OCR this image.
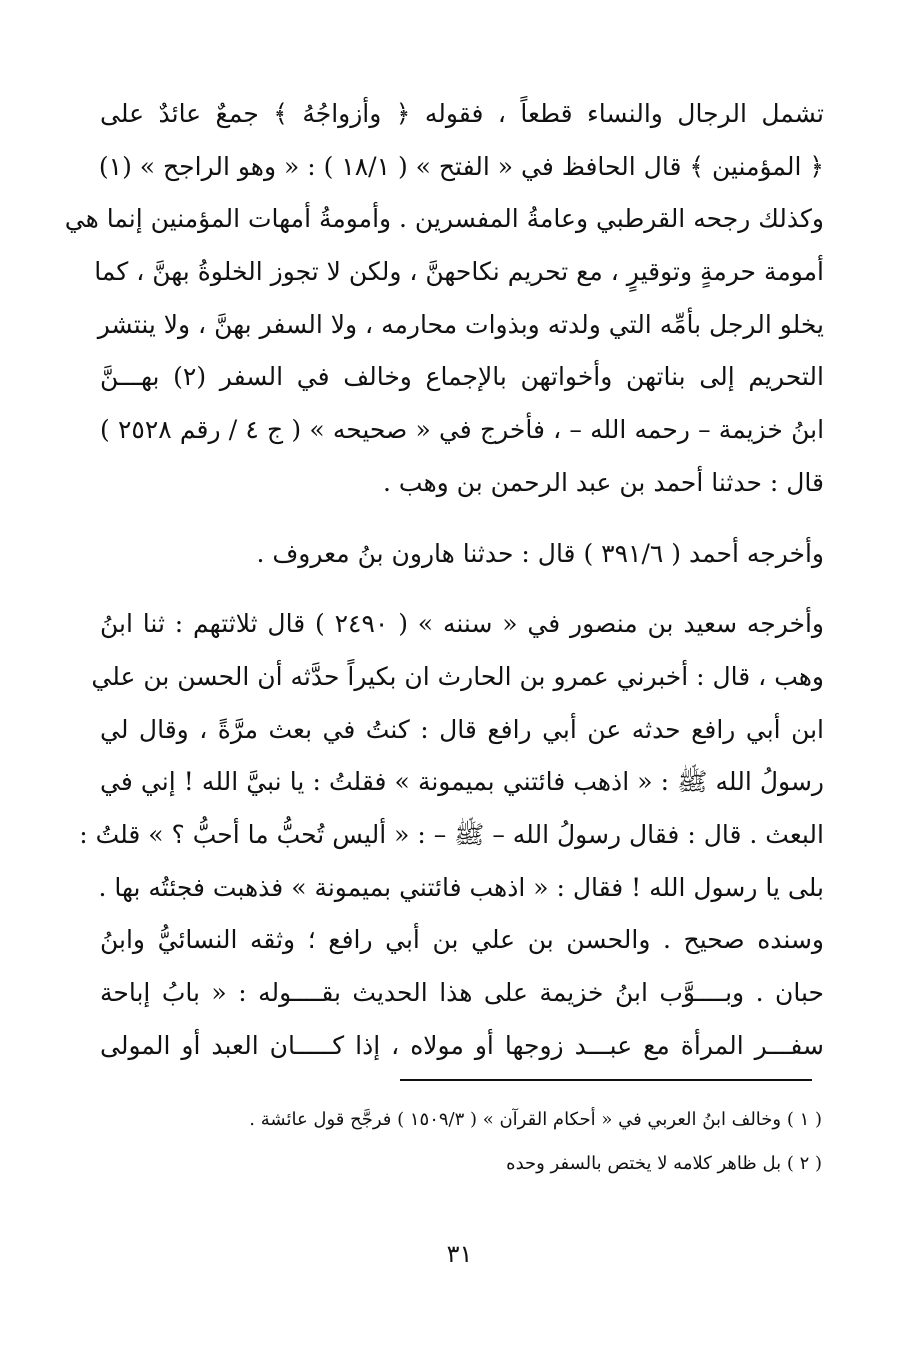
تشمل الرجال والنساء قطعاً ، فقوله ﴿ وأزواجُهُ ﴾ جمعٌ عائدٌ على
﴿ المؤمنين ﴾ قال الحافظ في « الفتح » ( ١٨/١ ) : « وهو الراجح » (١)
وكذلك رجحه القرطبي وعامةُ المفسرين . وأمومةُ أمهات المؤمنين إنما هي
أمومة حرمةٍ وتوقيرٍ ، مع تحريم نكاحهنَّ ، ولكن لا تجوز الخلوةُ بهنَّ ، كما
يخلو الرجل بأمِّه التي ولدته وبذوات محارمه ، ولا السفر بهنَّ ، ولا ينتشر
التحريم إلى بناتهن وأخواتهن بالإجماع وخالف في السفر (٢) بهـــنَّ
ابنُ خزيمة – رحمه الله – ، فأخرج في « صحيحه » ( ج ٤ / رقم ٢٥٢٨ )
قال : حدثنا أحمد بن عبد الرحمن بن وهب .
وأخرجه أحمد ( ٣٩١/٦ ) قال : حدثنا هارون بنُ معروف .
وأخرجه سعيد بن منصور في « سننه » ( ٢٤٩٠ ) قال ثلاثتهم : ثنا ابنُ
وهب ، قال : أخبرني عمرو بن الحارث ان بكيراً حدَّثه أن الحسن بن علي
ابن أبي رافع حدثه عن أبي رافع قال : كنتُ في بعث مرَّةً ، وقال لي
رسولُ الله ﷺ : « اذهب فائتني بميمونة » فقلتُ : يا نبيَّ الله ! إني في
البعث . قال : فقال رسولُ الله – ﷺ – : « أليس تُحبُّ ما أحبُّ ؟ » قلتُ :
بلى يا رسول الله ! فقال : « اذهب فائتني بميمونة » فذهبت فجئتُه بها .
وسنده صحيح . والحسن بن علي بن أبي رافع ؛ وثقه النسائيُّ وابنُ
حبان . وبــــوَّب ابنُ خزيمة على هذا الحديث بقــــوله : « بابُ إباحة
سفـــر المرأة مع عبـــد زوجها أو مولاه ، إذا كـــــان العبد أو المولى
( ١ ) وخالف ابنُ العربي في « أحكام القرآن » ( ١٥٠٩/٣ ) فرجَّح قول عائشة .
( ٢ ) بل ظاهر كلامه لا يختص بالسفر وحده
٣١
